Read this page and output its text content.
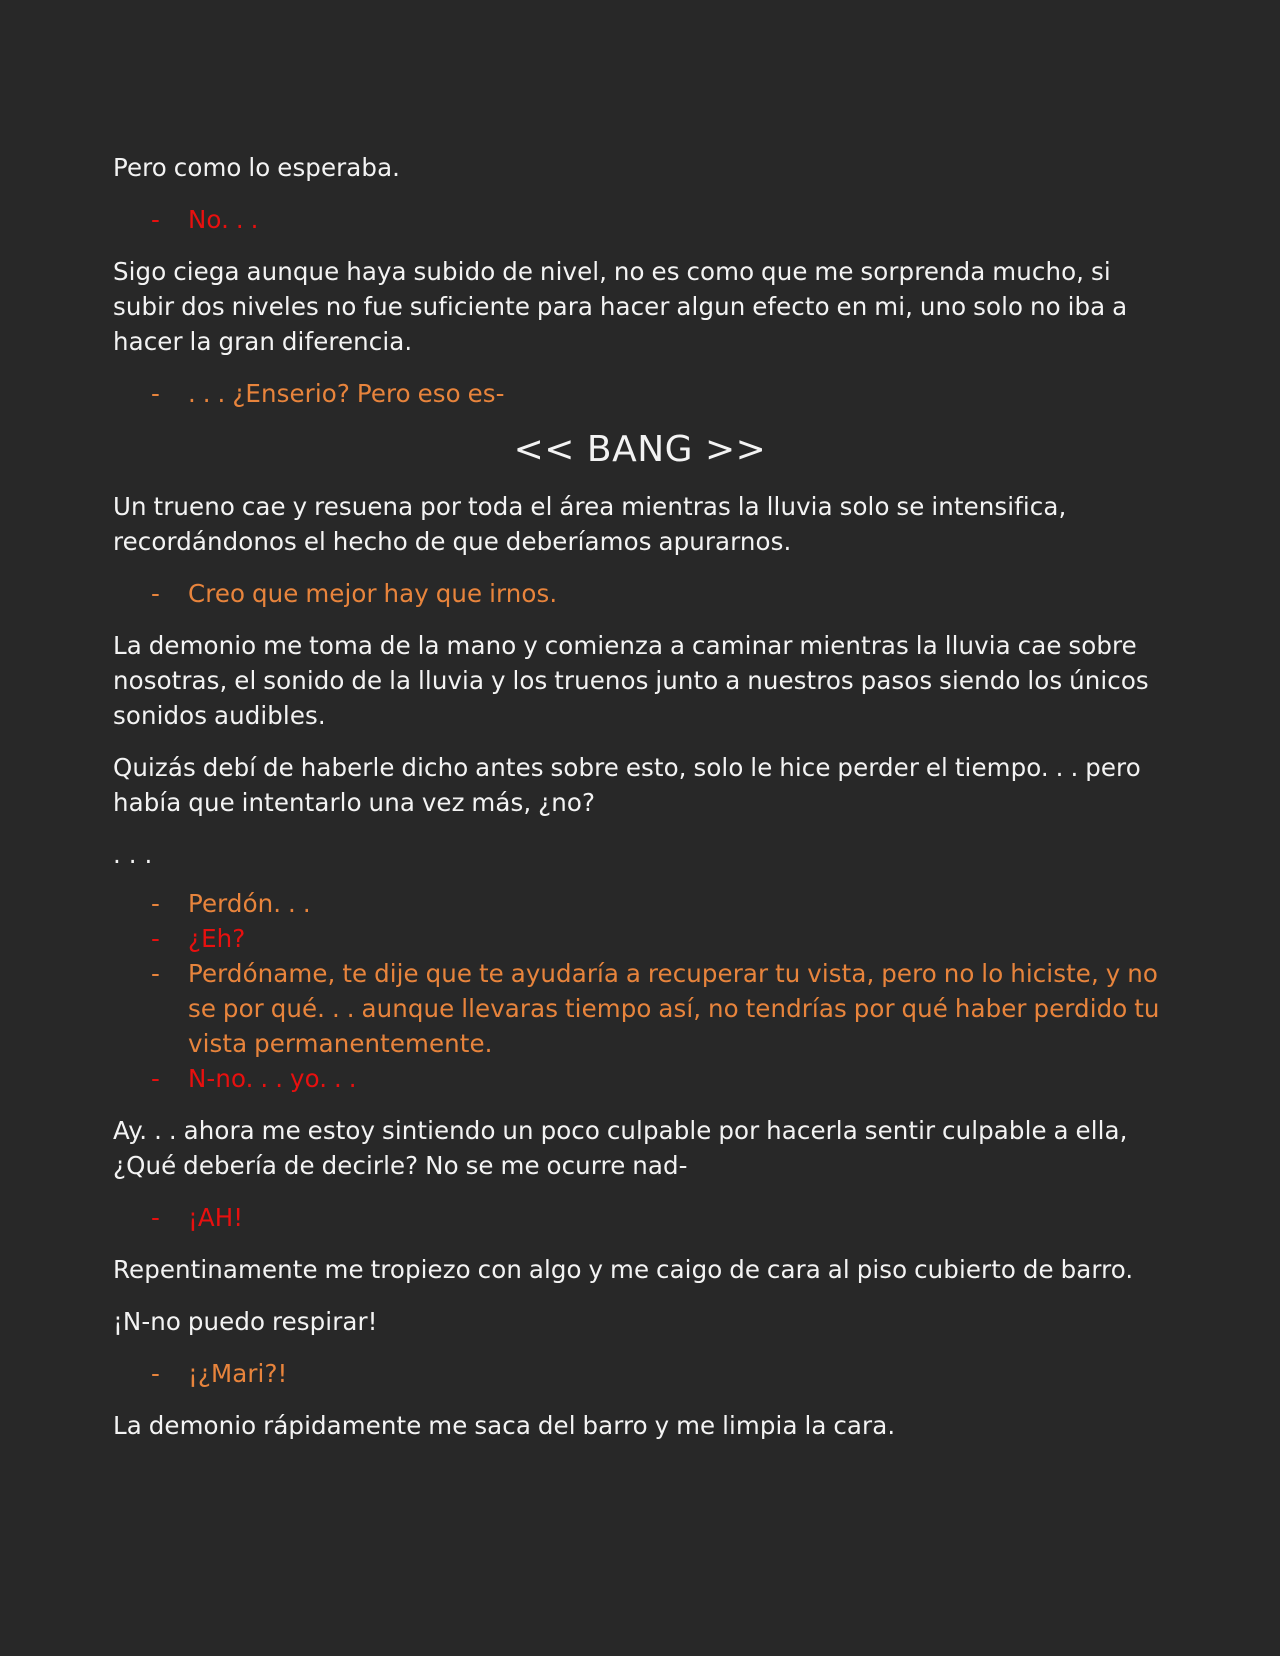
Pero como lo esperaba.

- No. . .

Sigo ciega aunque haya subido de nivel, no es como que me sorprenda mucho, si subir dos niveles no fue suficiente para hacer algun efecto en mi, uno solo no iba a hacer la gran diferencia.

- . . . ¿Enserio? Pero eso es-
<< BANG >>

Un trueno cae y resuena por toda el área mientras la lluvia solo se intensifica, recordándonos el hecho de que deberíamos apurarnos.

- Creo que mejor hay que irnos.

La demonio me toma de la mano y comienza a caminar mientras la lluvia cae sobre nosotras, el sonido de la lluvia y los truenos junto a nuestros pasos siendo los únicos sonidos audibles.

Quizás debí de haberle dicho antes sobre esto, solo le hice perder el tiempo. . . pero había que intentarlo una vez más, ¿no?

. . .

- Perdón. . .
- ¿Eh?
- Perdóname, te dije que te ayudaría a recuperar tu vista, pero no lo hiciste, y no se por qué. . . aunque llevaras tiempo así, no tendrías por qué haber perdido tu vista permanentemente.
- N-no. . . yo. . .

Ay. . . ahora me estoy sintiendo un poco culpable por hacerla sentir culpable a ella, ¿Qué debería de decirle? No se me ocurre nad-

- ¡AH!

Repentinamente me tropiezo con algo y me caigo de cara al piso cubierto de barro.

¡N-no puedo respirar!

- ¡¿Mari?!

La demonio rápidamente me saca del barro y me limpia la cara.
